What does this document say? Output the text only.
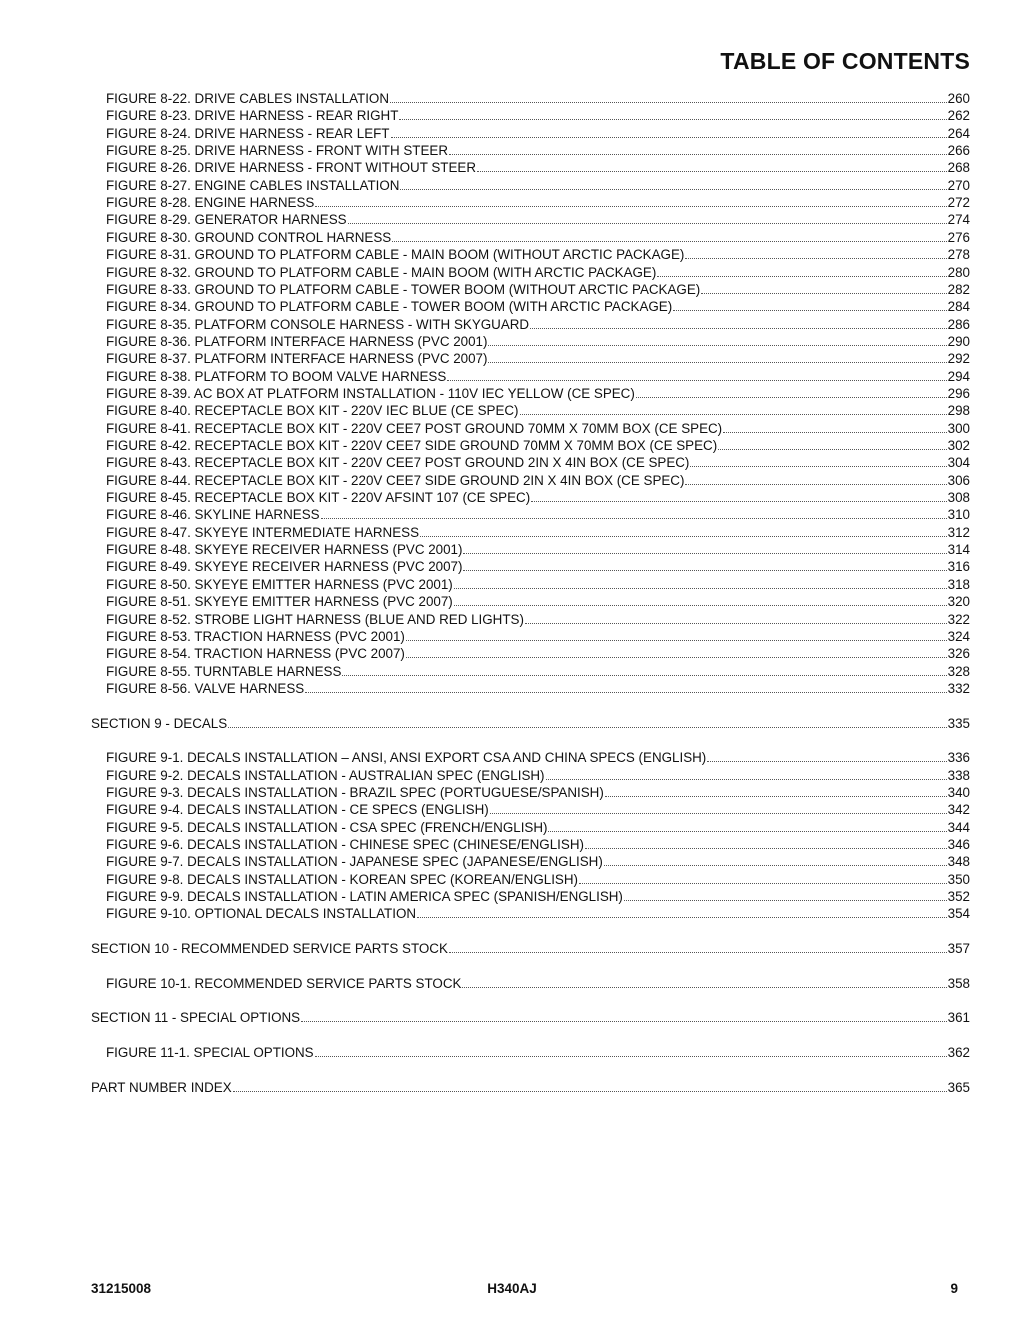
TABLE OF CONTENTS
FIGURE 8-22. DRIVE CABLES INSTALLATION	260
FIGURE 8-23. DRIVE HARNESS - REAR RIGHT	262
FIGURE 8-24. DRIVE HARNESS - REAR LEFT	264
FIGURE 8-25. DRIVE HARNESS - FRONT WITH STEER	266
FIGURE 8-26. DRIVE HARNESS - FRONT WITHOUT STEER	268
FIGURE 8-27. ENGINE CABLES INSTALLATION	270
FIGURE 8-28. ENGINE HARNESS	272
FIGURE 8-29. GENERATOR HARNESS	274
FIGURE 8-30. GROUND CONTROL HARNESS	276
FIGURE 8-31. GROUND TO PLATFORM CABLE - MAIN BOOM (WITHOUT ARCTIC PACKAGE)	278
FIGURE 8-32. GROUND TO PLATFORM CABLE - MAIN BOOM (WITH ARCTIC PACKAGE)	280
FIGURE 8-33. GROUND TO PLATFORM CABLE - TOWER BOOM (WITHOUT ARCTIC PACKAGE)	282
FIGURE 8-34. GROUND TO PLATFORM CABLE - TOWER BOOM (WITH ARCTIC PACKAGE)	284
FIGURE 8-35. PLATFORM CONSOLE HARNESS - WITH SKYGUARD	286
FIGURE 8-36. PLATFORM INTERFACE HARNESS (PVC 2001)	290
FIGURE 8-37. PLATFORM INTERFACE HARNESS (PVC 2007)	292
FIGURE 8-38. PLATFORM TO BOOM VALVE HARNESS	294
FIGURE 8-39. AC BOX AT PLATFORM INSTALLATION - 110V IEC YELLOW (CE SPEC)	296
FIGURE 8-40. RECEPTACLE BOX KIT - 220V IEC BLUE (CE SPEC)	298
FIGURE 8-41. RECEPTACLE BOX KIT - 220V CEE7 POST GROUND 70MM X 70MM BOX (CE SPEC)	300
FIGURE 8-42. RECEPTACLE BOX KIT - 220V CEE7 SIDE GROUND 70MM X 70MM BOX (CE SPEC)	302
FIGURE 8-43. RECEPTACLE BOX KIT - 220V CEE7 POST GROUND 2IN X 4IN BOX (CE SPEC)	304
FIGURE 8-44. RECEPTACLE BOX KIT - 220V CEE7 SIDE GROUND 2IN X 4IN BOX (CE SPEC)	306
FIGURE 8-45. RECEPTACLE BOX KIT - 220V AFSINT 107 (CE SPEC)	308
FIGURE 8-46. SKYLINE HARNESS	310
FIGURE 8-47. SKYEYE INTERMEDIATE HARNESS	312
FIGURE 8-48. SKYEYE RECEIVER HARNESS (PVC 2001)	314
FIGURE 8-49. SKYEYE RECEIVER HARNESS (PVC 2007)	316
FIGURE 8-50. SKYEYE EMITTER HARNESS (PVC 2001)	318
FIGURE 8-51. SKYEYE EMITTER HARNESS (PVC 2007)	320
FIGURE 8-52. STROBE LIGHT HARNESS (BLUE AND RED LIGHTS)	322
FIGURE 8-53. TRACTION HARNESS (PVC 2001)	324
FIGURE 8-54. TRACTION HARNESS (PVC 2007)	326
FIGURE 8-55. TURNTABLE HARNESS	328
FIGURE 8-56. VALVE HARNESS	332
SECTION 9 - DECALS	335
FIGURE 9-1. DECALS INSTALLATION – ANSI, ANSI EXPORT CSA AND CHINA SPECS (ENGLISH)	336
FIGURE 9-2. DECALS INSTALLATION - AUSTRALIAN SPEC (ENGLISH)	338
FIGURE 9-3. DECALS INSTALLATION - BRAZIL SPEC (PORTUGUESE/SPANISH)	340
FIGURE 9-4. DECALS INSTALLATION - CE SPECS (ENGLISH)	342
FIGURE 9-5. DECALS INSTALLATION - CSA SPEC (FRENCH/ENGLISH)	344
FIGURE 9-6. DECALS INSTALLATION - CHINESE SPEC (CHINESE/ENGLISH)	346
FIGURE 9-7. DECALS INSTALLATION - JAPANESE SPEC (JAPANESE/ENGLISH)	348
FIGURE 9-8. DECALS INSTALLATION - KOREAN SPEC (KOREAN/ENGLISH)	350
FIGURE 9-9. DECALS INSTALLATION - LATIN AMERICA SPEC (SPANISH/ENGLISH)	352
FIGURE 9-10. OPTIONAL DECALS INSTALLATION	354
SECTION 10 - RECOMMENDED SERVICE PARTS STOCK	357
FIGURE 10-1. RECOMMENDED SERVICE PARTS STOCK	358
SECTION 11 - SPECIAL OPTIONS	361
FIGURE 11-1. SPECIAL OPTIONS	362
PART NUMBER INDEX	365
31215008	H340AJ	9
